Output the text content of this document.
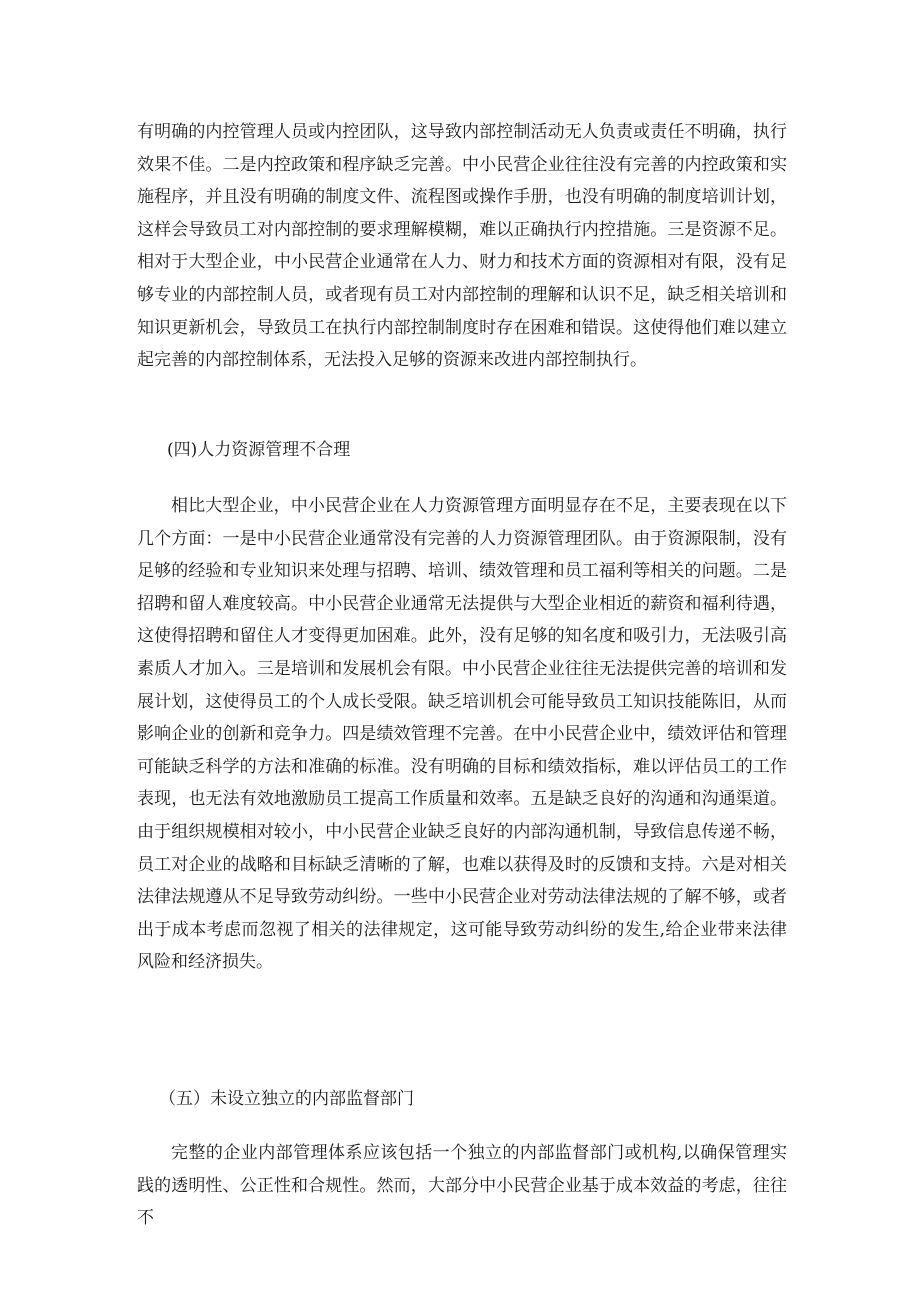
有明确的内控管理人员或内控团队，这导致内部控制活动无人负责或责任不明确，执行效果不佳。二是内控政策和程序缺乏完善。中小民营企业往往没有完善的内控政策和实施程序，并且没有明确的制度文件、流程图或操作手册，也没有明确的制度培训计划，这样会导致员工对内部控制的要求理解模糊，难以正确执行内控措施。三是资源不足。相对于大型企业，中小民营企业通常在人力、财力和技术方面的资源相对有限，没有足够专业的内部控制人员，或者现有员工对内部控制的理解和认识不足，缺乏相关培训和知识更新机会，导致员工在执行内部控制制度时存在困难和错误。这使得他们难以建立起完善的内部控制体系，无法投入足够的资源来改进内部控制执行。

(四)人力资源管理不合理

相比大型企业，中小民营企业在人力资源管理方面明显存在不足，主要表现在以下几个方面：一是中小民营企业通常没有完善的人力资源管理团队。由于资源限制，没有足够的经验和专业知识来处理与招聘、培训、绩效管理和员工福利等相关的问题。二是招聘和留人难度较高。中小民营企业通常无法提供与大型企业相近的薪资和福利待遇，这使得招聘和留住人才变得更加困难。此外，没有足够的知名度和吸引力，无法吸引高素质人才加入。三是培训和发展机会有限。中小民营企业往往无法提供完善的培训和发展计划，这使得员工的个人成长受限。缺乏培训机会可能导致员工知识技能陈旧，从而影响企业的创新和竞争力。四是绩效管理不完善。在中小民营企业中，绩效评估和管理可能缺乏科学的方法和准确的标准。没有明确的目标和绩效指标，难以评估员工的工作表现，也无法有效地激励员工提高工作质量和效率。五是缺乏良好的沟通和沟通渠道。由于组织规模相对较小，中小民营企业缺乏良好的内部沟通机制，导致信息传递不畅，员工对企业的战略和目标缺乏清晰的了解，也难以获得及时的反馈和支持。六是对相关法律法规遵从不足导致劳动纠纷。一些中小民营企业对劳动法律法规的了解不够，或者出于成本考虑而忽视了相关的法律规定，这可能导致劳动纠纷的发生,给企业带来法律风险和经济损失。

（五）未设立独立的内部监督部门

完整的企业内部管理体系应该包括一个独立的内部监督部门或机构,以确保管理实践的透明性、公正性和合规性。然而，大部分中小民营企业基于成本效益的考虑，往往不
